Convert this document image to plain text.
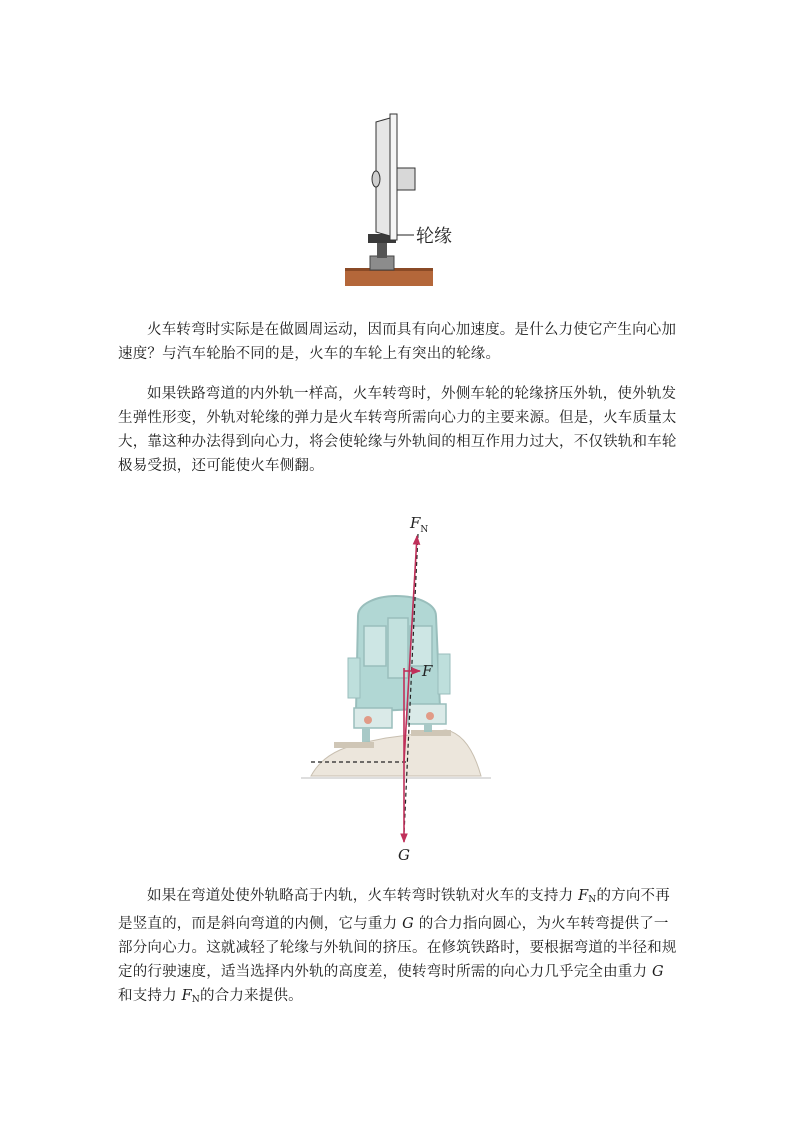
轮缘

火车转弯时实际是在做圆周运动，因而具有向心加速度。是什么力使它产生向心加速度？与汽车轮胎不同的是，火车的车轮上有突出的轮缘。

如果铁路弯道的内外轨一样高，火车转弯时，外侧车轮的轮缘挤压外轨，使外轨发生弹性形变，外轨对轮缘的弹力是火车转弯所需向心力的主要来源。但是，火车质量太大，靠这种办法得到向心力，将会使轮缘与外轨间的相互作用力过大，不仅铁轨和车轮极易受损，还可能使火车侧翻。

$F_N$
F
G

如果在弯道处使外轨略高于内轨，火车转弯时铁轨对火车的支持力 $F_N$的方向不再是竖直的，而是斜向弯道的内侧，它与重力 G 的合力指向圆心，为火车转弯提供了一部分向心力。这就减轻了轮缘与外轨间的挤压。在修筑铁路时，要根据弯道的半径和规定的行驶速度，适当选择内外轨的高度差，使转弯时所需的向心力几乎完全由重力 G 和支持力 $F_N$的合力来提供。
